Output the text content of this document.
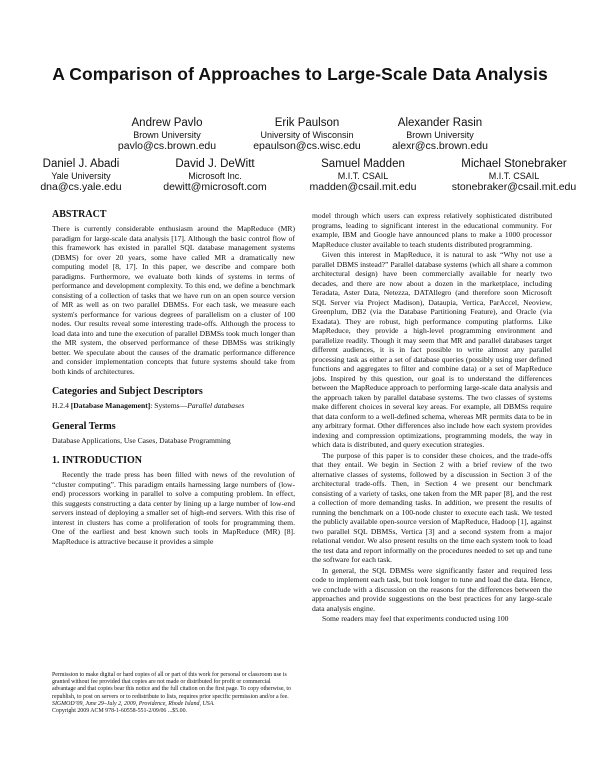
A Comparison of Approaches to Large-Scale Data Analysis
Andrew Pavlo
Brown University
pavlo@cs.brown.edu
Erik Paulson
University of Wisconsin
epaulson@cs.wisc.edu
Alexander Rasin
Brown University
alexr@cs.brown.edu
Daniel J. Abadi
Yale University
dna@cs.yale.edu
David J. DeWitt
Microsoft Inc.
dewitt@microsoft.com
Samuel Madden
M.I.T. CSAIL
madden@csail.mit.edu
Michael Stonebraker
M.I.T. CSAIL
stonebraker@csail.mit.edu
ABSTRACT

There is currently considerable enthusiasm around the MapReduce (MR) paradigm for large-scale data analysis [17]. Although the basic control flow of this framework has existed in parallel SQL database management systems (DBMS) for over 20 years, some have called MR a dramatically new computing model [8, 17]. In this paper, we describe and compare both paradigms. Furthermore, we evaluate both kinds of systems in terms of performance and development complexity. To this end, we define a benchmark consisting of a collection of tasks that we have run on an open source version of MR as well as on two parallel DBMSs. For each task, we measure each system's performance for various degrees of parallelism on a cluster of 100 nodes. Our results reveal some interesting trade-offs. Although the process to load data into and tune the execution of parallel DBMSs took much longer than the MR system, the observed performance of these DBMSs was strikingly better. We speculate about the causes of the dramatic performance difference and consider implementation concepts that future systems should take from both kinds of architectures.

Categories and Subject Descriptors

H.2.4 [Database Management]: Systems—Parallel databases

General Terms

Database Applications, Use Cases, Database Programming

1. INTRODUCTION

Recently the trade press has been filled with news of the revolution of “cluster computing”. This paradigm entails harnessing large numbers of (low-end) processors working in parallel to solve a computing problem. In effect, this suggests constructing a data center by lining up a large number of low-end servers instead of deploying a smaller set of high-end servers. With this rise of interest in clusters has come a proliferation of tools for programming them. One of the earliest and best known such tools in MapReduce (MR) [8]. MapReduce is attractive because it provides a simple

Permission to make digital or hard copies of all or part of this work for personal or classroom use is granted without fee provided that copies are not made or distributed for profit or commercial advantage and that copies bear this notice and the full citation on the first page. To copy otherwise, to republish, to post on servers or to redistribute to lists, requires prior specific permission and/or a fee.

SIGMOD’09, June 29–July 2, 2009, Providence, Rhode Island, USA.

Copyright 2009 ACM 978-1-60558-551-2/09/06 ...$5.00.

model through which users can express relatively sophisticated distributed programs, leading to significant interest in the educational community. For example, IBM and Google have announced plans to make a 1000 processor MapReduce cluster available to teach students distributed programming.

Given this interest in MapReduce, it is natural to ask “Why not use a parallel DBMS instead?” Parallel database systems (which all share a common architectural design) have been commercially available for nearly two decades, and there are now about a dozen in the marketplace, including Teradata, Aster Data, Netezza, DATAllegro (and therefore soon Microsoft SQL Server via Project Madison), Dataupia, Vertica, ParAccel, Neoview, Greenplum, DB2 (via the Database Partitioning Feature), and Oracle (via Exadata). They are robust, high performance computing platforms. Like MapReduce, they provide a high-level programming environment and parallelize readily. Though it may seem that MR and parallel databases target different audiences, it is in fact possible to write almost any parallel processing task as either a set of database queries (possibly using user defined functions and aggregates to filter and combine data) or a set of MapReduce jobs. Inspired by this question, our goal is to understand the differences between the MapReduce approach to performing large-scale data analysis and the approach taken by parallel database systems. The two classes of systems make different choices in several key areas. For example, all DBMSs require that data conform to a well-defined schema, whereas MR permits data to be in any arbitrary format. Other differences also include how each system provides indexing and compression optimizations, programming models, the way in which data is distributed, and query execution strategies.

The purpose of this paper is to consider these choices, and the trade-offs that they entail. We begin in Section 2 with a brief review of the two alternative classes of systems, followed by a discussion in Section 3 of the architectural trade-offs. Then, in Section 4 we present our benchmark consisting of a variety of tasks, one taken from the MR paper [8], and the rest a collection of more demanding tasks. In addition, we present the results of running the benchmark on a 100-node cluster to execute each task. We tested the publicly available open-source version of MapReduce, Hadoop [1], against two parallel SQL DBMSs, Vertica [3] and a second system from a major relational vendor. We also present results on the time each system took to load the test data and report informally on the procedures needed to set up and tune the software for each task.

In general, the SQL DBMSs were significantly faster and required less code to implement each task, but took longer to tune and load the data. Hence, we conclude with a discussion on the reasons for the differences between the approaches and provide suggestions on the best practices for any large-scale data analysis engine.

Some readers may feel that experiments conducted using 100
